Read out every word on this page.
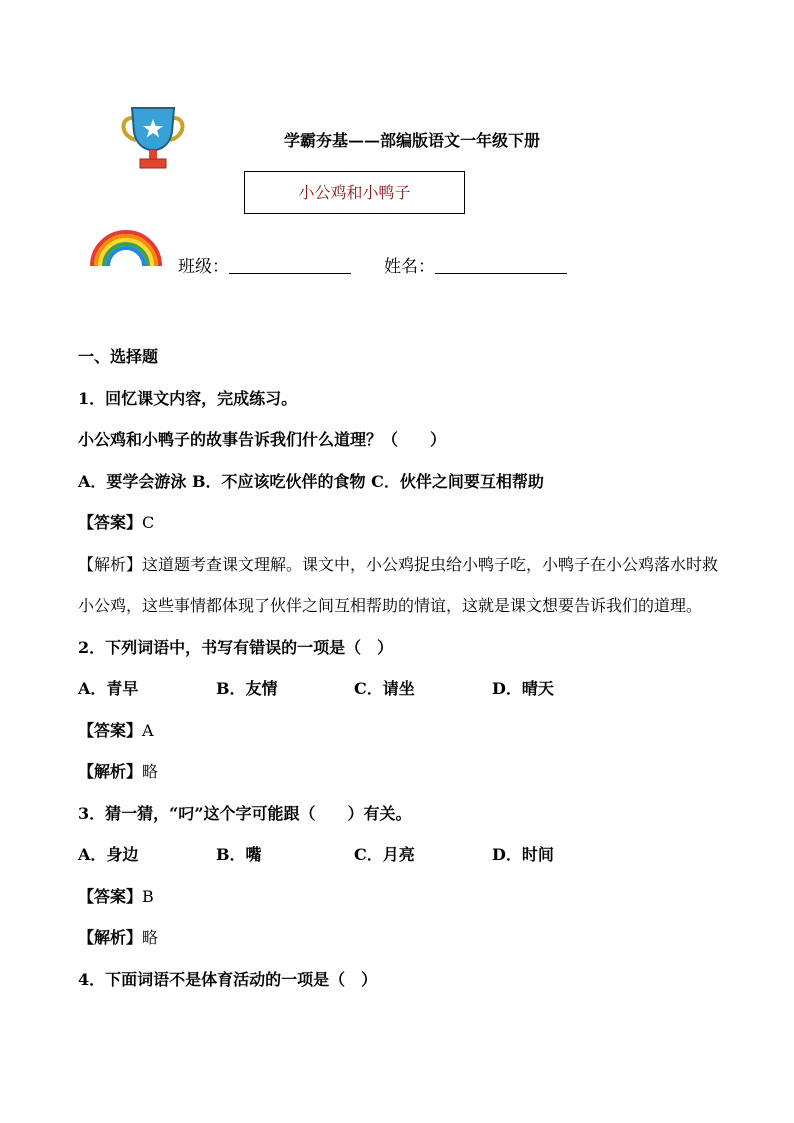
学霸夯基——部编版语文一年级下册
小公鸡和小鸭子
班级：	姓名：
一、选择题
1．回忆课文内容，完成练习。
小公鸡和小鸭子的故事告诉我们什么道理？（　　）
A．要学会游泳 B．不应该吃伙伴的食物 C．伙伴之间要互相帮助
【答案】C
【解析】这道题考查课文理解。课文中，小公鸡捉虫给小鸭子吃，小鸭子在小公鸡落水时救小公鸡，这些事情都体现了伙伴之间互相帮助的情谊，这就是课文想要告诉我们的道理。
2．下列词语中，书写有错误的一项是（　）
A．青早	B．友情	C．请坐	D．晴天
【答案】A
【解析】略
3．猜一猜，“叼”这个字可能跟（　　）有关。
A．身边	B．嘴	C．月亮	D．时间
【答案】B
【解析】略
4．下面词语不是体育活动的一项是（　）
